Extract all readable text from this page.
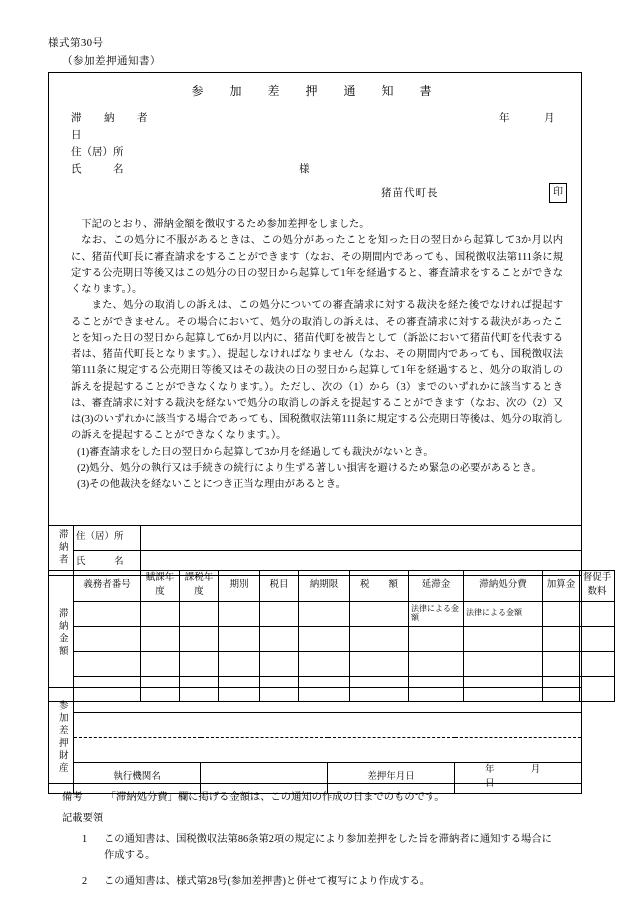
様式第30号
（参加差押通知書）
参　加　差　押　通　知　書
滞　納　者	年	月
日
住（居）所
氏　　　名	様
猪苗代町長	印

下記のとおり、滞納金額を徴収するため参加差押をしました。

なお、この処分に不服があるときは、この処分があったことを知った日の翌日から起算して3か月以内に、猪苗代町長に審査請求をすることができます（なお、その期間内であっても、国税徴収法第111条に規定する公売期日等後又はこの処分の日の翌日から起算して1年を経過すると、審査請求をすることができなくなります。）。

また、処分の取消しの訴えは、この処分についての審査請求に対する裁決を経た後でなければ提起することができません。その場合において、処分の取消しの訴えは、その審査請求に対する裁決があったことを知った日の翌日から起算して6か月以内に、猪苗代町を被告として（訴訟において猪苗代町を代表する者は、猪苗代町長となります。）、提起しなければなりません（なお、その期間内であっても、国税徴収法第111条に規定する公売期日等後又はその裁決の日の翌日から起算して1年を経過すると、処分の取消しの訴えを提起することができなくなります。）。ただし、次の（1）から（3）までのいずれかに該当するときは、審査請求に対する裁決を経ないで処分の取消しの訴えを提起することができます（なお、次の（2）又は(3)のいずれかに該当する場合であっても、国税徴収法第111条に規定する公売期日等後は、処分の取消しの訴えを提起することができなくなります。）。

(1)審査請求をした日の翌日から起算して3か月を経過しても裁決がないとき。

(2)処分、処分の執行又は手続きの続行により生ずる著しい損害を避けるため緊急の必要があるとき。

(3)その他裁決を経ないことにつき正当な理由があるとき。

滞納者	住（居）所	
	氏　　　名	
滞納金額	義務者番号	賦課年度	課税年度	期別	税目	納期限	税　　額	延滞金	滞納処分費	加算金	督促手数料
								法律による金額	法律による金額		

参加差押財産				

	執行機関名		差押年月日	年 月  日
備考 「滞納処分費」欄に掲げる金額は、この通知の作成の日までのものです。
記載要領
1 この通知書は、国税徴収法第86条第2項の規定により参加差押をした旨を滞納者に通知する場合に作成する。
2 この通知書は、様式第28号(参加差押書)と併せて複写により作成する。
